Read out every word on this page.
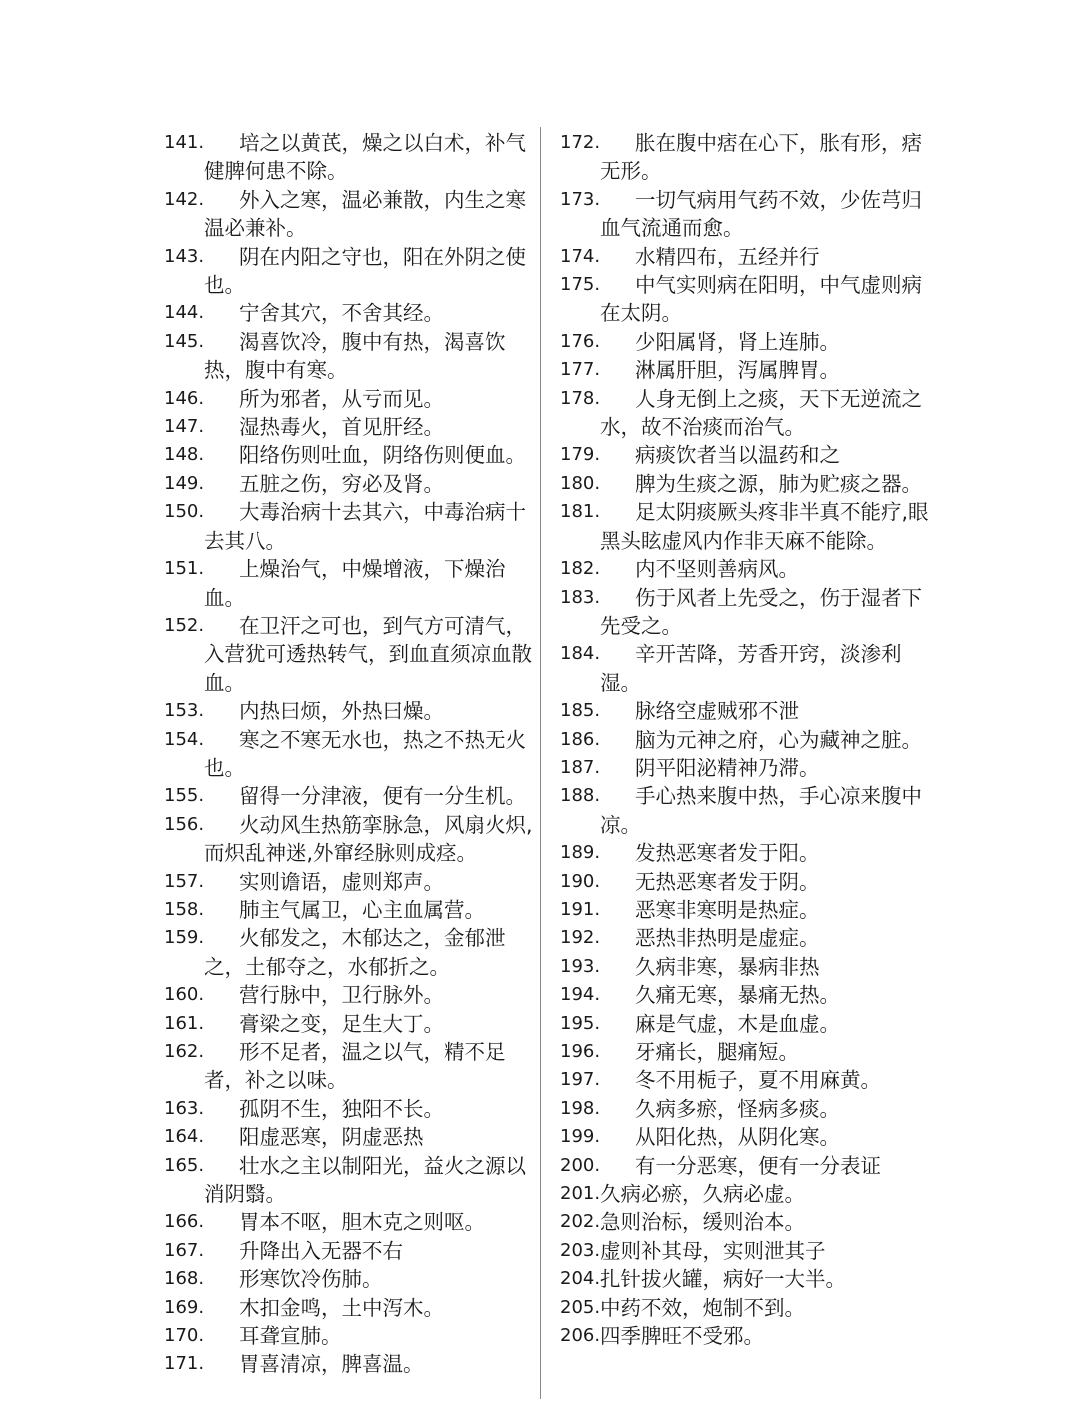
141.	培之以黄芪，燥之以白术，补气健脾何患不除。
142.	外入之寒，温必兼散，内生之寒温必兼补。
143.	阴在内阳之守也，阳在外阴之使也。
144.	宁舍其穴，不舍其经。
145.	渴喜饮冷，腹中有热，渴喜饮热，腹中有寒。
146.	所为邪者，从亏而见。
147.	湿热毒火，首见肝经。
148.	阳络伤则吐血，阴络伤则便血。
149.	五脏之伤，穷必及肾。
150.	大毒治病十去其六，中毒治病十去其八。
151.	上燥治气，中燥增液，下燥治血。
152.	在卫汗之可也，到气方可清气，入营犹可透热转气，到血直须凉血散血。
153.	内热曰烦，外热曰燥。
154.	寒之不寒无水也，热之不热无火也。
155.	留得一分津液，便有一分生机。
156.	火动风生热筋挛脉急，风扇火炽,而炽乱神迷,外窜经脉则成痉。
157.	实则谵语，虚则郑声。
158.	肺主气属卫，心主血属营。
159.	火郁发之，木郁达之，金郁泄之，土郁夺之，水郁折之。
160.	营行脉中，卫行脉外。
161.	膏梁之变，足生大丁。
162.	形不足者，温之以气，精不足者，补之以味。
163.	孤阴不生，独阳不长。
164.	阳虚恶寒，阴虚恶热
165.	壮水之主以制阳光，益火之源以消阴翳。
166.	胃本不呕，胆木克之则呕。
167.	升降出入无器不右
168.	形寒饮冷伤肺。
169.	木扣金鸣，土中泻木。
170.	耳聋宣肺。
171.	胃喜清凉，脾喜温。
172.	胀在腹中痞在心下，胀有形，痞无形。
173.	一切气病用气药不效，少佐芎归血气流通而愈。
174.	水精四布，五经并行
175.	中气实则病在阳明，中气虚则病在太阴。
176.	少阳属肾，肾上连肺。
177.	淋属肝胆，泻属脾胃。
178.	人身无倒上之痰，天下无逆流之水，故不治痰而治气。
179.	病痰饮者当以温药和之
180.	脾为生痰之源，肺为贮痰之器。
181.	足太阴痰厥头疼非半真不能疗,眼黑头眩虚风内作非天麻不能除。
182.	内不坚则善病风。
183.	伤于风者上先受之，伤于湿者下先受之。
184.	辛开苦降，芳香开窍，淡渗利湿。
185.	脉络空虚贼邪不泄
186.	脑为元神之府，心为藏神之脏。
187.	阴平阳泌精神乃滞。
188.	手心热来腹中热，手心凉来腹中凉。
189.	发热恶寒者发于阳。
190.	无热恶寒者发于阴。
191.	恶寒非寒明是热症。
192.	恶热非热明是虚症。
193.	久病非寒，暴病非热
194.	久痛无寒，暴痛无热。
195.	麻是气虚，木是血虚。
196.	牙痛长，腿痛短。
197.	冬不用栀子，夏不用麻黄。
198.	久病多瘀，怪病多痰。
199.	从阳化热，从阴化寒。
200.	有一分恶寒，便有一分表证
201. 久病必瘀，久病必虚。
202. 急则治标，缓则治本。
203. 虚则补其母，实则泄其子
204. 扎针拔火罐，病好一大半。
205. 中药不效，炮制不到。
206. 四季脾旺不受邪。
